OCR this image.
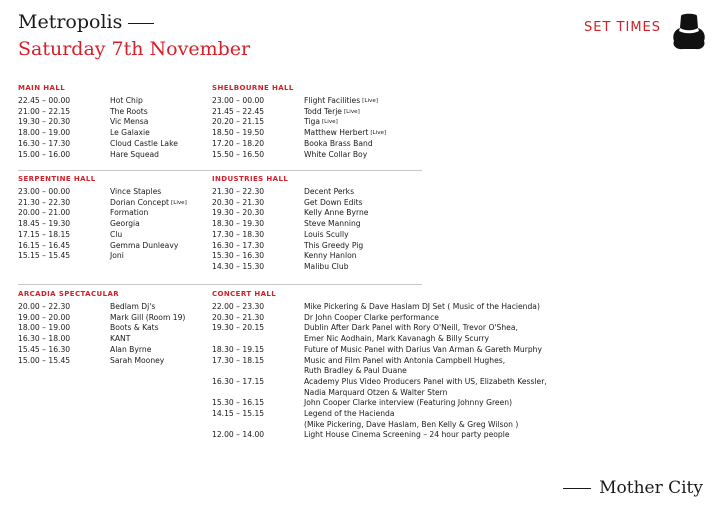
Metropolis
Saturday 7th November
SET TIMES
MAIN HALL
22.45 – 00.00	Hot Chip
21.00 – 22.15	The Roots
19.30 – 20.30	Vic Mensa
18.00 – 19.00	Le Galaxie
16.30 – 17.30	Cloud Castle Lake
15.00 – 16.00	Hare Squead
SHELBOURNE HALL
23.00 – 00.00	Flight Facilities [Live]
21.45 – 22.45	Todd Terje [Live]
20.20 – 21.15	Tiga [Live]
18.50 – 19.50	Matthew Herbert [Live]
17.20 – 18.20	Booka Brass Band
15.50 – 16.50	White Collar Boy
SERPENTINE HALL
23.00 – 00.00	Vince Staples
21.30 – 22.30	Dorian Concept [Live]
20.00 – 21.00	Formation
18.45 – 19.30	Georgia
17.15 – 18.15	Clu
16.15 – 16.45	Gemma Dunleavy
15.15 – 15.45	Joni
INDUSTRIES HALL
21.30 – 22.30	Decent Perks
20.30 – 21.30	Get Down Edits
19.30 – 20.30	Kelly Anne Byrne
18.30 – 19.30	Steve Manning
17.30 – 18.30	Louis Scully
16.30 – 17.30	This Greedy Pig
15.30 – 16.30	Kenny Hanlon
14.30 – 15.30	Malibu Club
ARCADIA SPECTACULAR
20.00 – 22.30	Bedlam Dj's
19.00 – 20.00	Mark Gill (Room 19)
18.00 – 19.00	Boots & Kats
16.30 – 18.00	KANT
15.45 – 16.30	Alan Byrne
15.00 – 15.45	Sarah Mooney
CONCERT HALL
22.00 – 23.30	Mike Pickering & Dave Haslam DJ Set ( Music of the Hacienda)
20.30 – 21.30	Dr John Cooper Clarke performance
19.30 – 20.15	Dublin After Dark Panel with Rory O'Neill, Trevor O'Shea,
Emer Nic Aodhain, Mark Kavanagh & Billy Scurry
18.30 – 19.15	Future of Music Panel with Darius Van Arman & Gareth Murphy
17.30 – 18.15	Music and Film Panel with Antonia Campbell Hughes,
Ruth Bradley & Paul Duane
16.30 – 17.15	Academy Plus Video Producers Panel with US, Elizabeth Kessler,
Nadia Marquard Otzen & Walter Stern
15.30 – 16.15	John Cooper Clarke interview (Featuring Johnny Green)
14.15 – 15.15	Legend of the Hacienda
(Mike Pickering, Dave Haslam, Ben Kelly & Greg Wilson )
12.00 – 14.00	Light House Cinema Screening – 24 hour party people
Mother City
